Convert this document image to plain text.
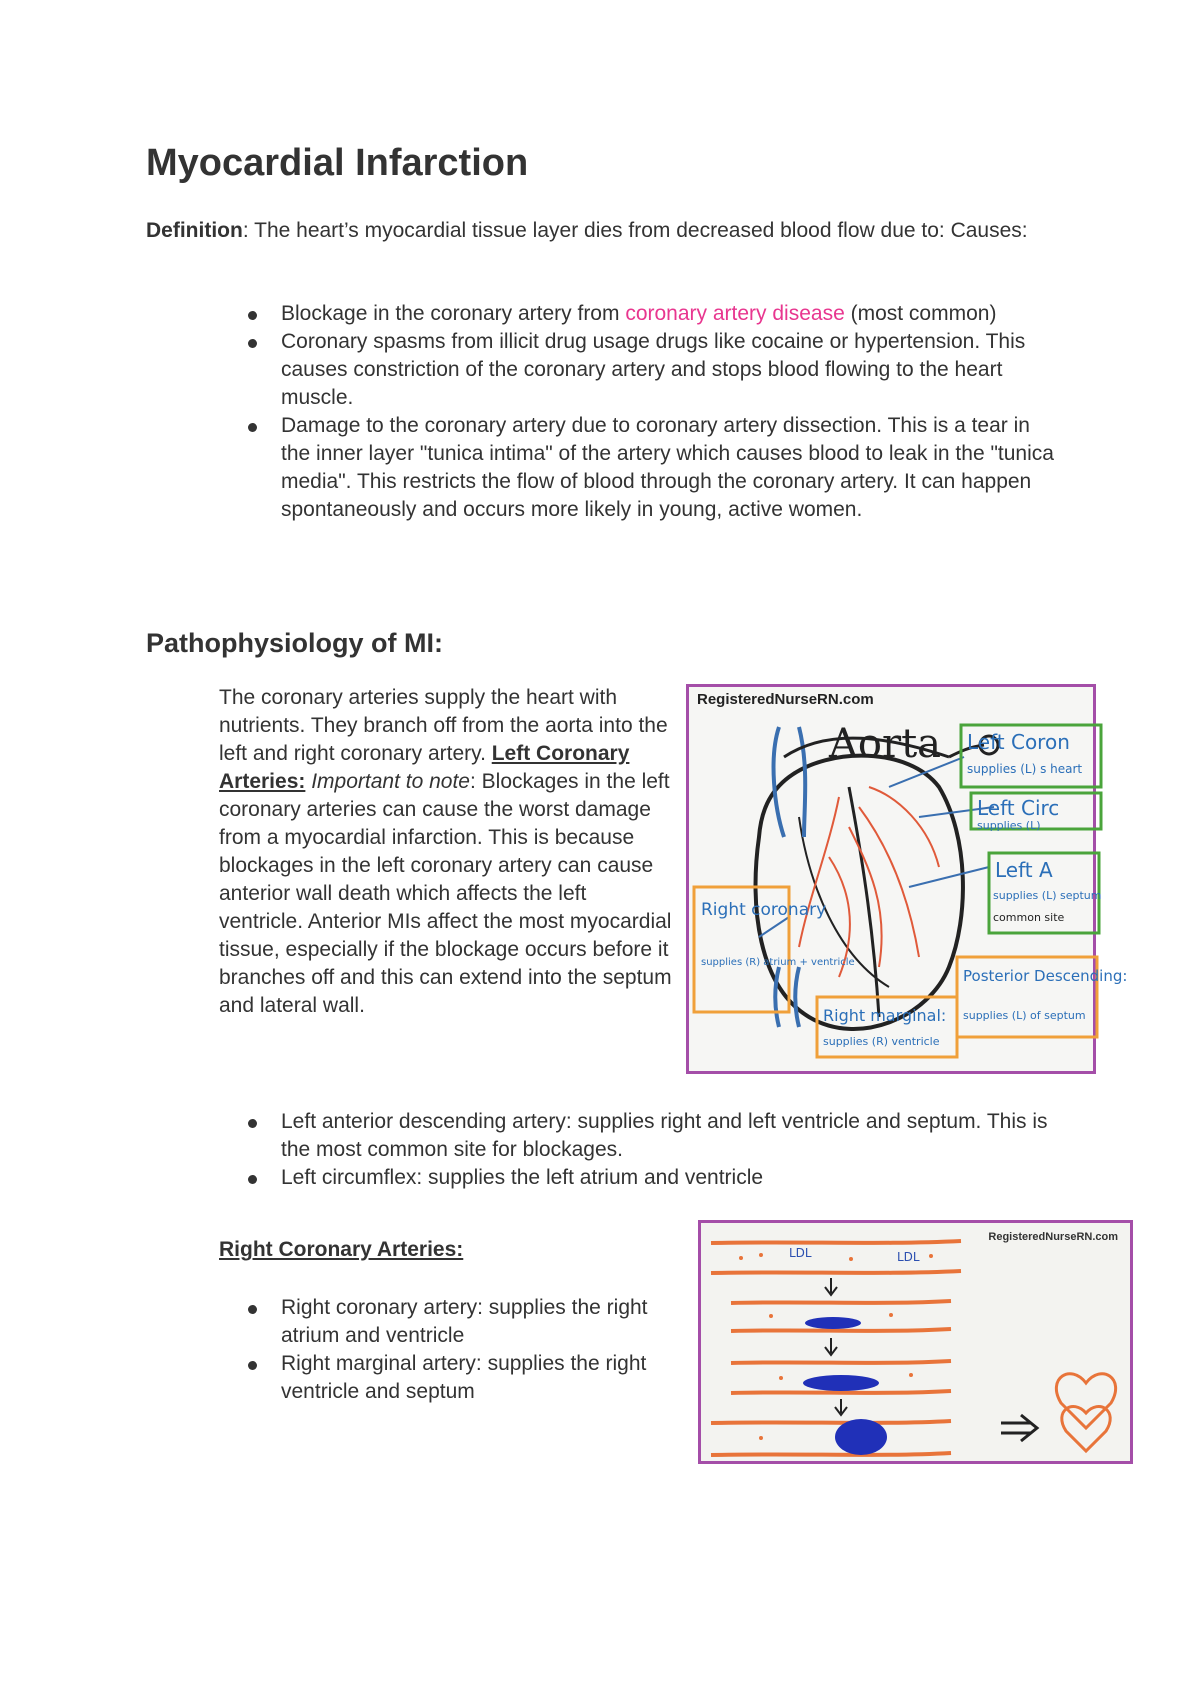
Myocardial Infarction
Definition: The heart’s myocardial tissue layer dies from decreased blood flow due to: Causes:
Blockage in the coronary artery from coronary artery disease (most common)
Coronary spasms from illicit drug usage drugs like cocaine or hypertension. This causes constriction of the coronary artery and stops blood flowing to the heart muscle.
Damage to the coronary artery due to coronary artery dissection. This is a tear in the inner layer "tunica intima" of the artery which causes blood to leak in the "tunica media". This restricts the flow of blood through the coronary artery. It can happen spontaneously and occurs more likely in young, active women.
Pathophysiology of MI:
The coronary arteries supply the heart with nutrients. They branch off from the aorta into the left and right coronary artery. Left Coronary Arteries: Important to note: Blockages in the left coronary arteries can cause the worst damage from a myocardial infarction. This is because blockages in the left coronary artery can cause anterior wall death which affects the left ventricle. Anterior MIs affect the most myocardial tissue, especially if the blockage occurs before it branches off and this can extend into the septum and lateral wall.
RegisteredNurseRN.com
Aorta Left Coron
supplies (L) s heart
Left Circ
supplies (L)
Left A
supplies (L) septum
common site
Right coronary
supplies (R) atrium + ventricle
Posterior Descending:
supplies (L) of septum
Right marginal:
supplies (R) ventricle
Left anterior descending artery: supplies right and left ventricle and septum. This is the most common site for blockages.
Left circumflex: supplies the left atrium and ventricle
Right Coronary Arteries:
Right coronary artery: supplies the right atrium and ventricle
Right marginal artery: supplies the right ventricle and septum
RegisteredNurseRN.com
LDL	LDL
